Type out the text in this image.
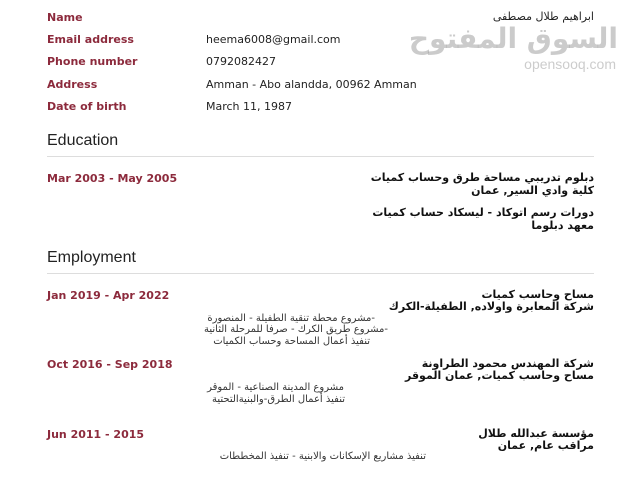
السوق المفتوح
opensooq.com
Name	ابراهيم طلال مصطفى
Email address	heema6008@gmail.com
Phone number	0792082427
Address	Amman - Abo alandda, 00962 Amman
Date of birth	March 11, 1987
Education
Mar 2003 - May 2005	دبلوم تدريبي مساحة طرق وحساب كميات
كلية وادي السير, عمان
دورات رسم اتوكاد - ليسكاد حساب كميات
معهد دبلوما
Employment
Jan 2019 - Apr 2022	مساح وحاسب كميات
شركة المعابرة واولاده, الطفيلة-الكرك
-مشروع محطة تنقية الطفيلة - المنصورة
-مشروع طريق الكرك - صرفا للمرحلة الثانية
تنفيذ أعمال المساحة وحساب الكميات
Oct 2016 - Sep 2018	شركة المهندس محمود الطراونة
مساح وحاسب كميات, عمان الموقر
مشروع المدينة الصناعية - الموقر
تنفيذ أعمال الطرق-والبنيةالتحتية
Jun 2011 - 2015	مؤسسة عبدالله طلال
مراقب عام, عمان
تنفيذ مشاريع الإسكانات والابنية - تنفيذ المخططات
